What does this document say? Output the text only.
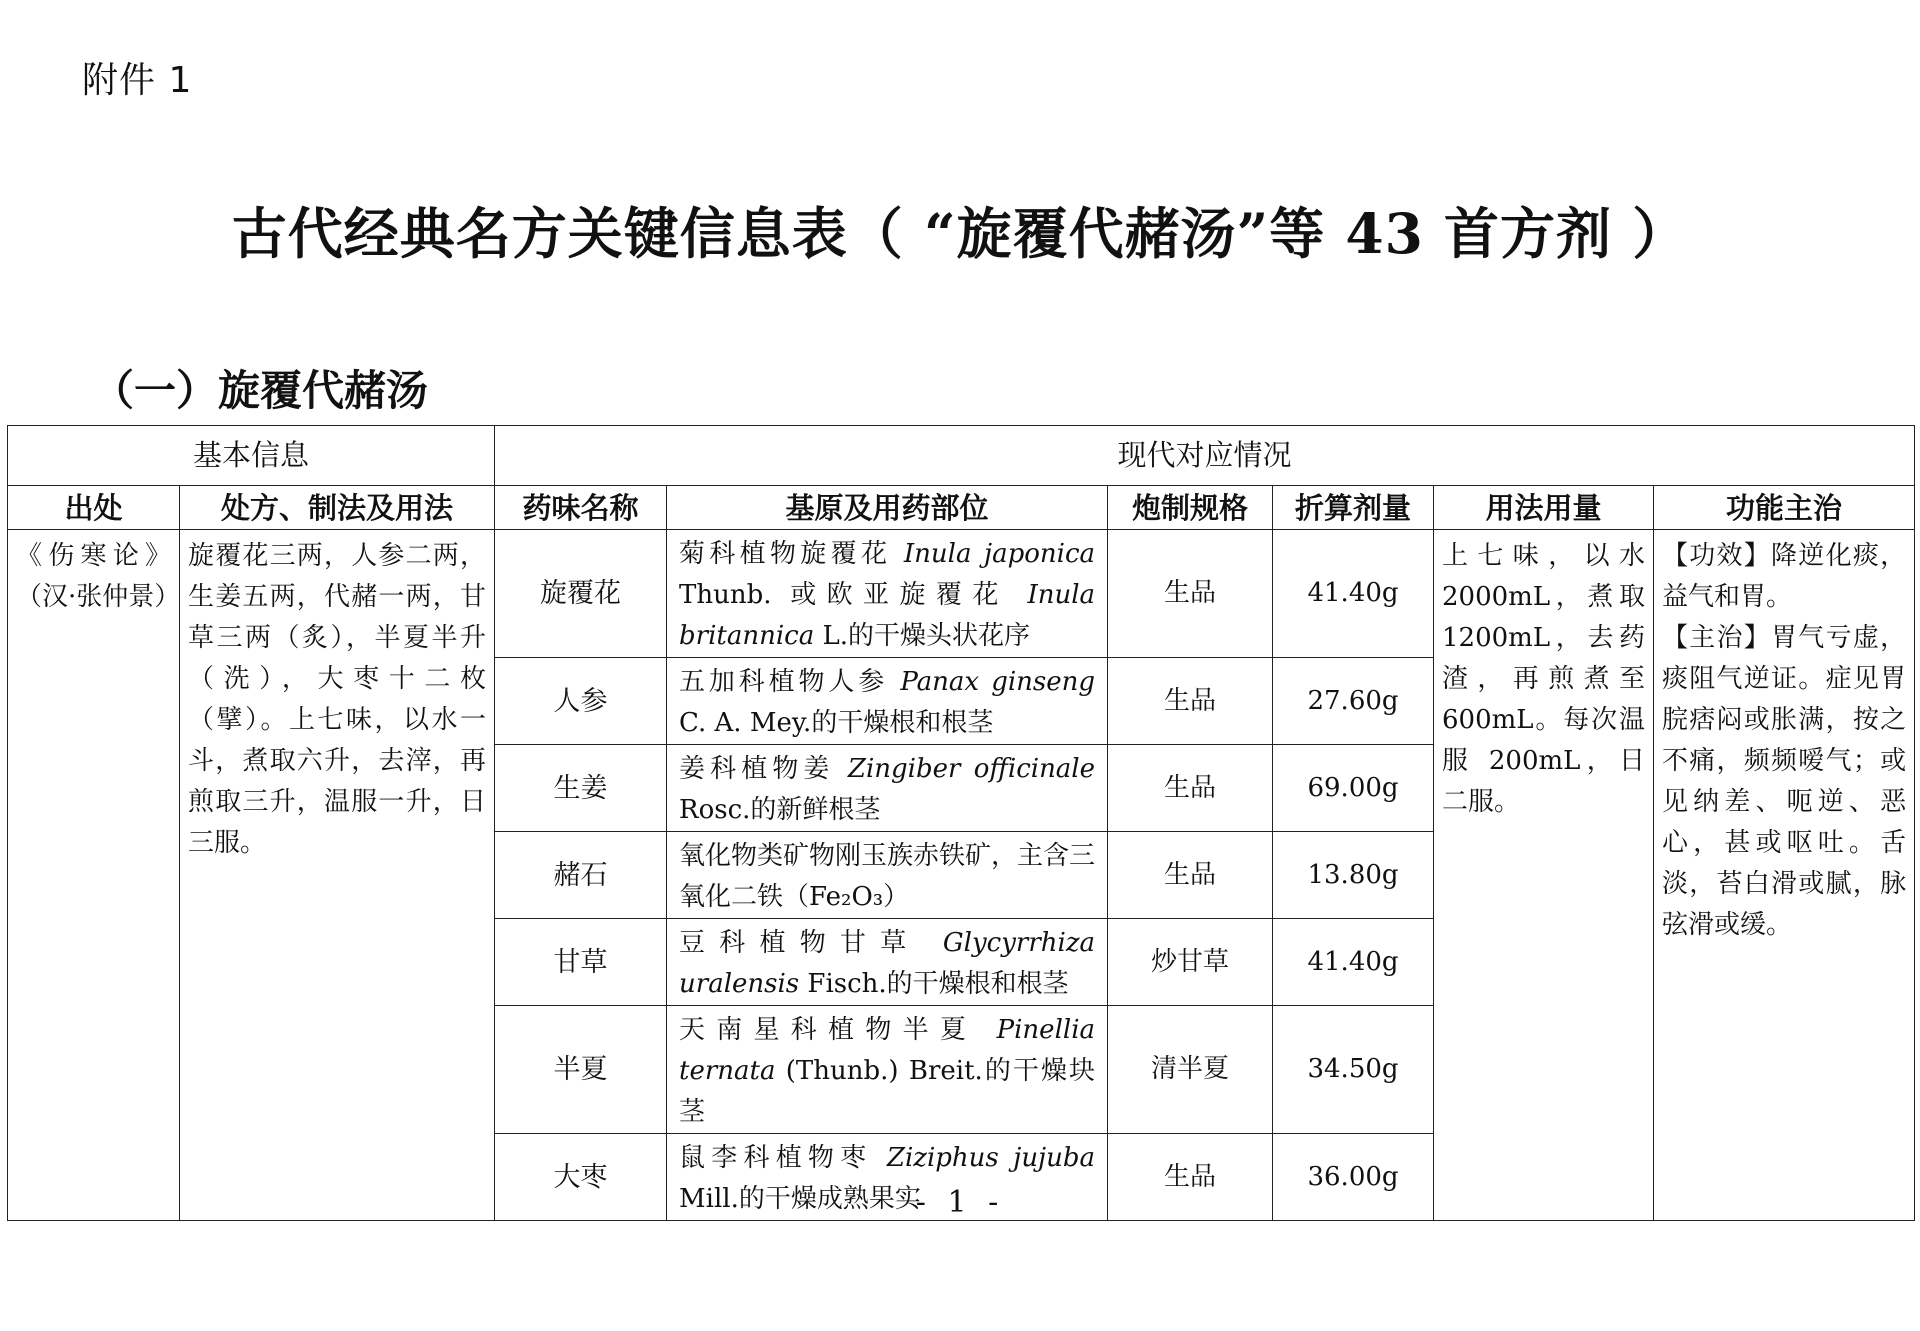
附件 1
古代经典名方关键信息表（ “旋覆代赭汤”等 43 首方剂 ）
（一）旋覆代赭汤
基本信息		现代对应情况					
出处	处方、制法及用法	药味名称	基原及用药部位	炮制规格	折算剂量	用法用量	功能主治
《伤寒论》（汉·张仲景）	旋覆花三两，人参二两，生姜五两，代赭一两，甘草三两（炙），半夏半升（洗），大枣十二枚（擘）。上七味，以水一斗，煮取六升，去滓，再煎取三升，温服一升，日三服。	旋覆花	菊科植物旋覆花 Inula japonica Thunb. 或欧亚旋覆花 Inula britannica L.的干燥头状花序	生品	41.40g	上七味，以水2000mL，煮取1200mL，去药渣，再煎煮至600mL。每次温服 200mL，日二服。	【功效】降逆化痰，益气和胃。
【主治】胃气亏虚，痰阻气逆证。症见胃脘痞闷或胀满，按之不痛，频频嗳气；或见纳差、呃逆、恶心，甚或呕吐。舌淡，苔白滑或腻，脉弦滑或缓。

		人参	五加科植物人参 Panax ginseng C. A. Mey.的干燥根和根茎	生品	27.60g		
		生姜	姜科植物姜 Zingiber officinale Rosc.的新鲜根茎	生品	69.00g		
		赭石	氧化物类矿物刚玉族赤铁矿，主含三氧化二铁（Fe₂O₃）	生品	13.80g		
		甘草	豆科植物甘草 Glycyrrhiza uralensis Fisch.的干燥根和根茎	炒甘草	41.40g		
		半夏	天南星科植物半夏 Pinellia ternata (Thunb.) Breit.的干燥块茎	清半夏	34.50g		
		大枣	鼠李科植物枣 Ziziphus jujuba Mill.的干燥成熟果实	生品	36.00g		
- 1 -
